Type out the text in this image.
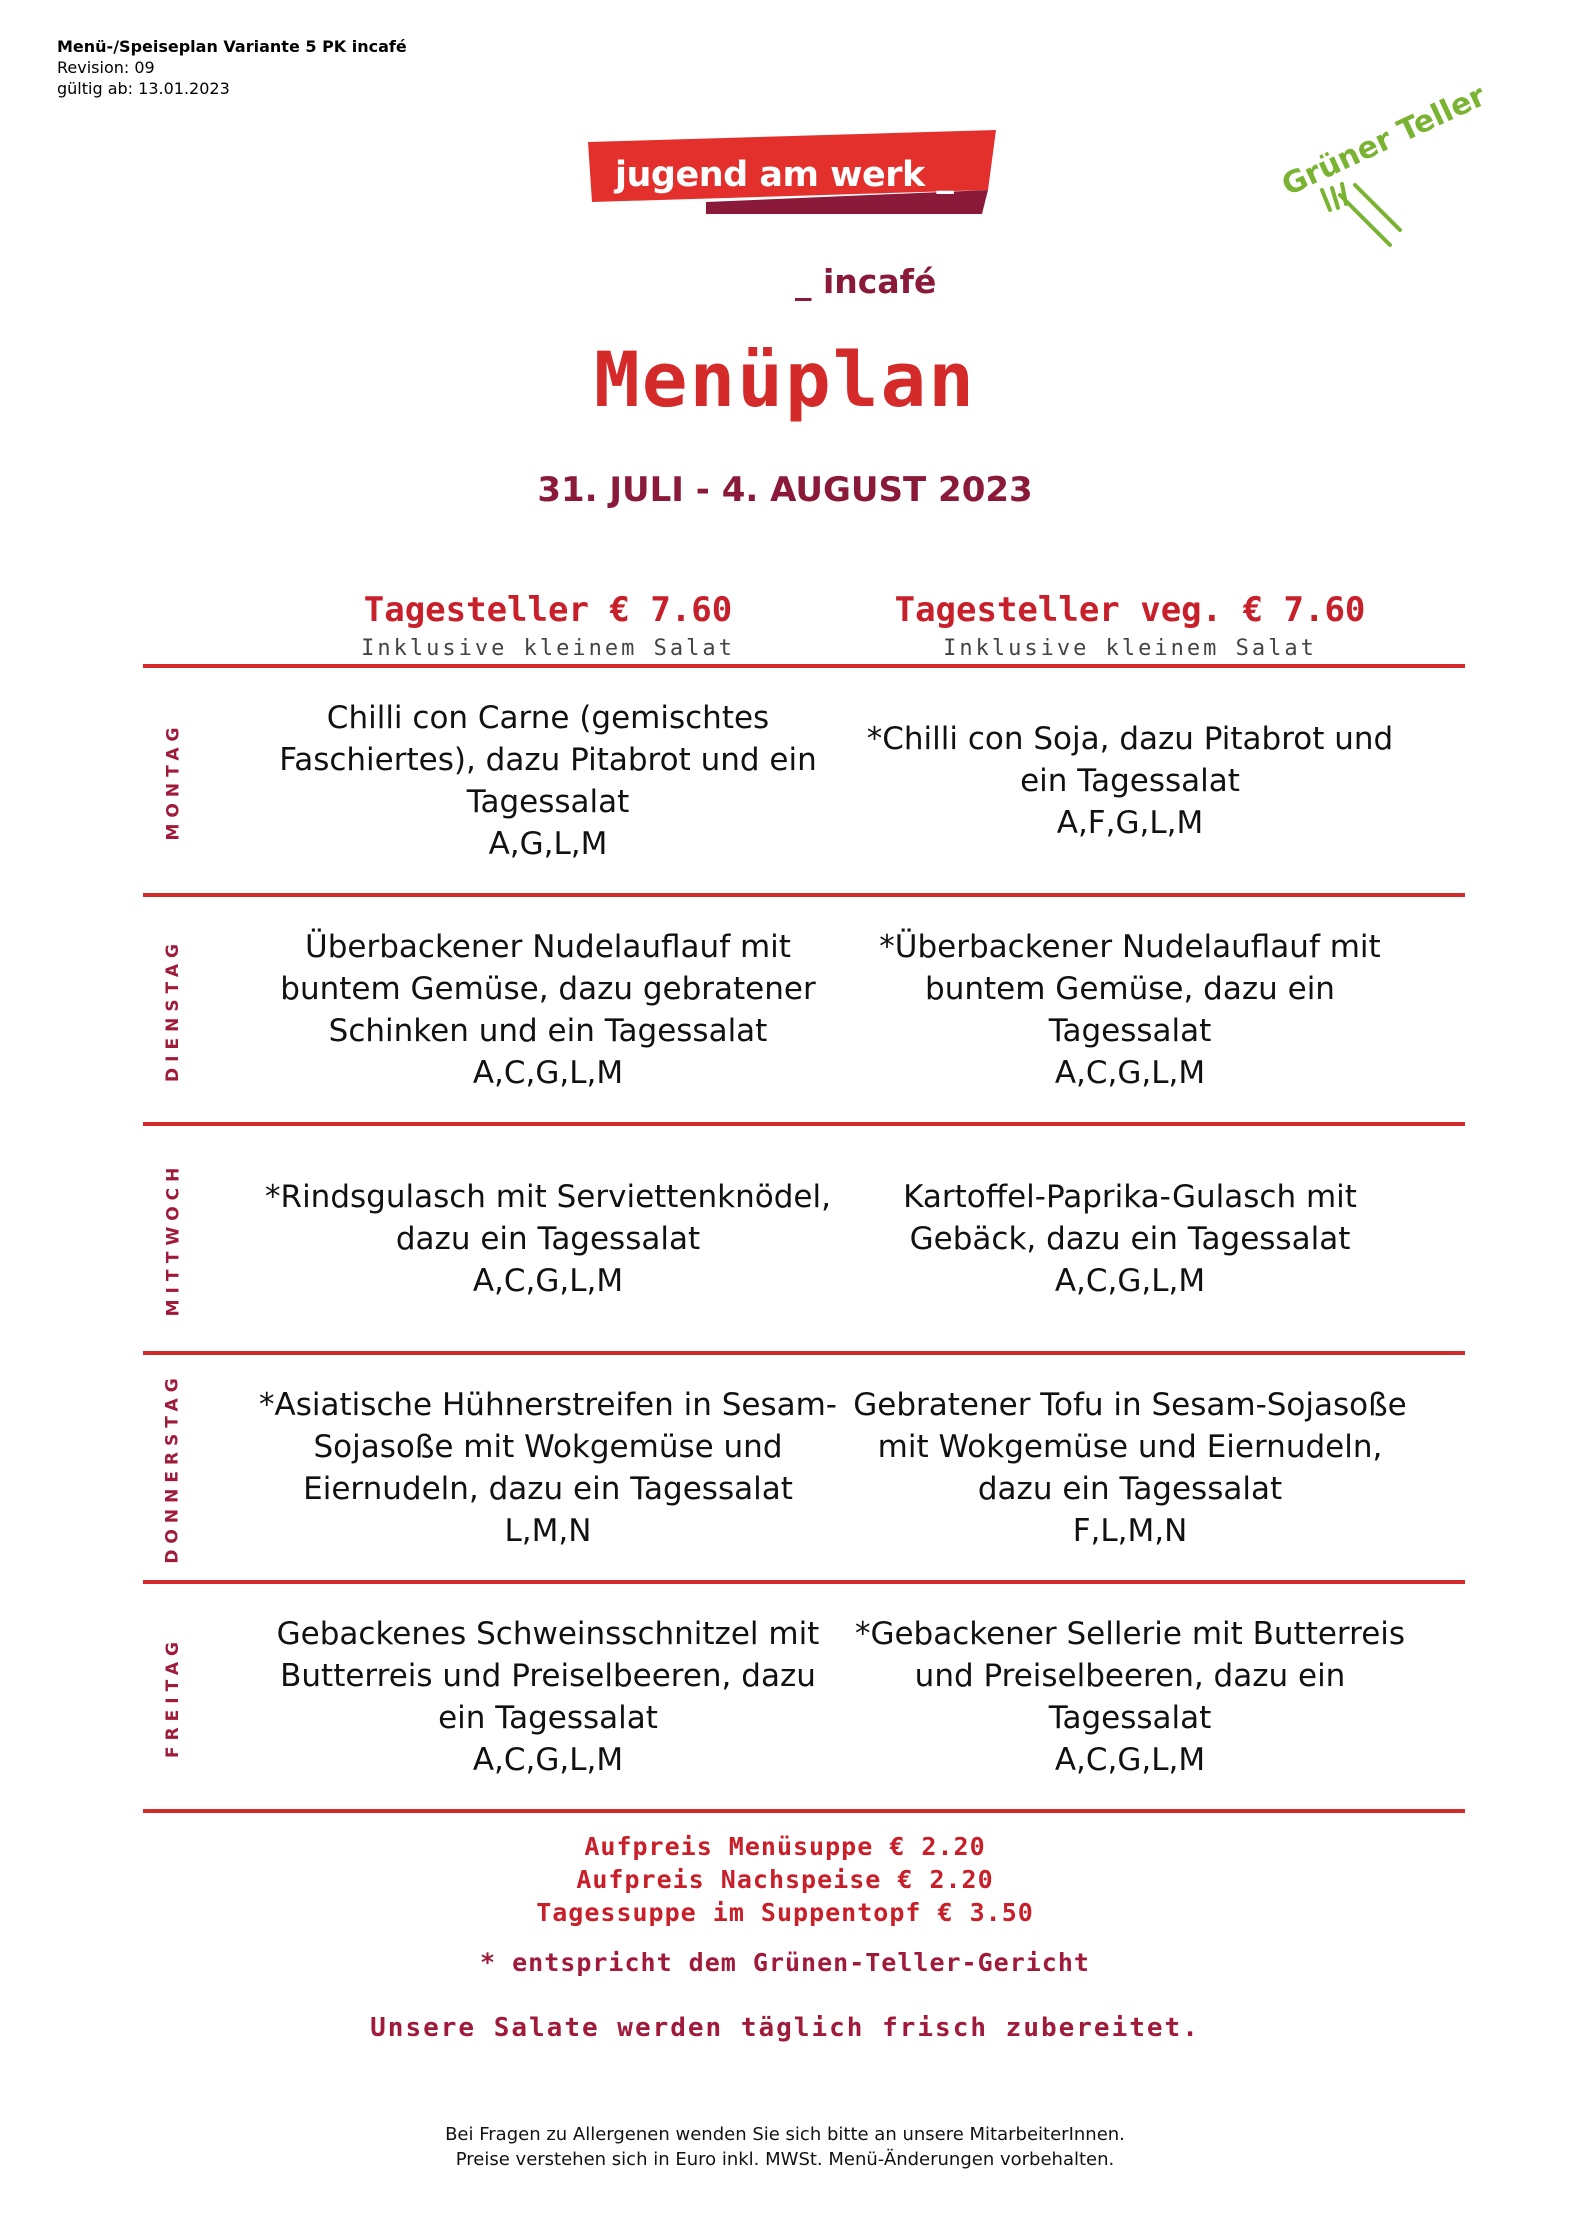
Menü-/Speiseplan Variante 5 PK incafé
Revision: 09
gültig ab: 13.01.2023
jugend am werk _
_ incafé
Grüner Teller
Menüplan
31. JULI - 4. AUGUST 2023
Tagesteller € 7.60
Inklusive kleinem Salat
Tagesteller veg. € 7.60
Inklusive kleinem Salat
MONTAG
Chilli con Carne (gemischtes Faschiertes), dazu Pitabrot und ein Tagessalat
A,G,L,M
*Chilli con Soja, dazu Pitabrot und ein Tagessalat
A,F,G,L,M
DIENSTAG	Überbackener Nudelauflauf mit buntem Gemüse, dazu gebratener Schinken und ein Tagessalat
A,C,G,L,M
*Überbackener Nudelauflauf mit buntem Gemüse, dazu ein Tagessalat
A,C,G,L,M
MITTWOCH	*Rindsgulasch mit Serviettenknödel, dazu ein Tagessalat
A,C,G,L,M
Kartoffel-Paprika-Gulasch mit Gebäck, dazu ein Tagessalat
A,C,G,L,M
DONNERSTAG *Asiatische Hühnerstreifen in Sesam-Sojasoße mit Wokgemüse und Eiernudeln, dazu ein Tagessalat
L,M,N
Gebratener Tofu in Sesam-Sojasoße mit Wokgemüse und Eiernudeln, dazu ein Tagessalat
F,L,M,N
FREITAG
Gebackenes Schweinsschnitzel mit Butterreis und Preiselbeeren, dazu ein Tagessalat
A,C,G,L,M
*Gebackener Sellerie mit Butterreis und Preiselbeeren, dazu ein Tagessalat
A,C,G,L,M
Aufpreis Menüsuppe € 2.20
Aufpreis Nachspeise € 2.20
Tagessuppe im Suppentopf € 3.50
* entspricht dem Grünen-Teller-Gericht
Unsere Salate werden täglich frisch zubereitet.
Bei Fragen zu Allergenen wenden Sie sich bitte an unsere MitarbeiterInnen.
Preise verstehen sich in Euro inkl. MWSt. Menü-Änderungen vorbehalten.
